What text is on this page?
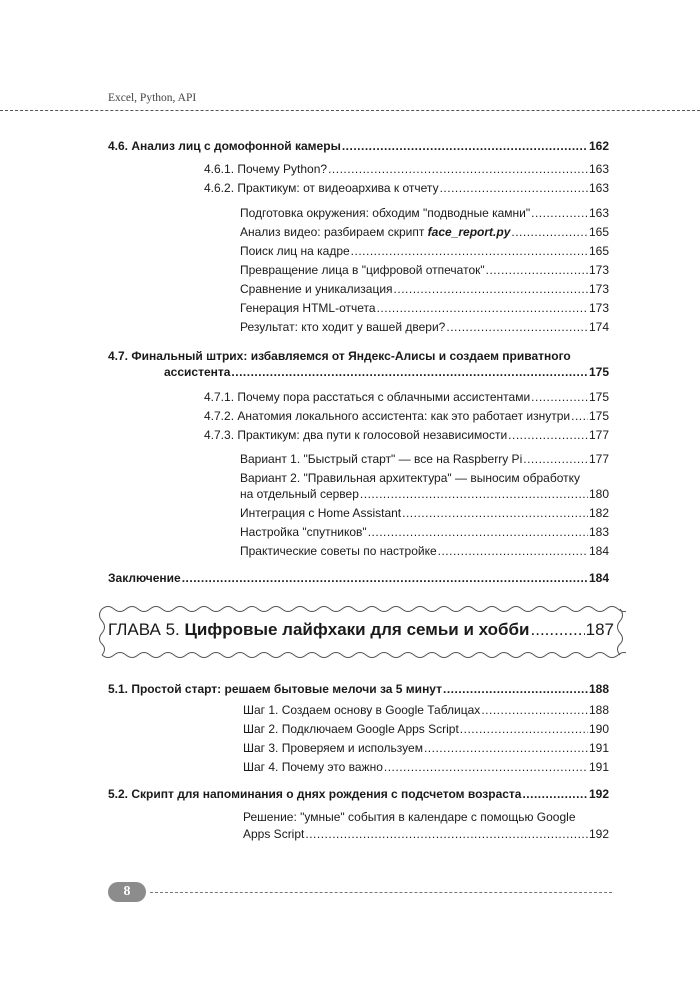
Excel, Python, API
4.6. Анализ лиц с домофонной камеры .....	162
4.6.1. Почему Python? .....	163
4.6.2. Практикум: от видеоархива к отчету .....	163
Подготовка окружения: обходим "подводные камни" .....	163
Анализ видео: разбираем скрипт face_report.py .....	165
Поиск лиц на кадре .....	165
Превращение лица в "цифровой отпечаток" .....	173
Сравнение и уникализация .....	173
Генерация HTML-отчета .....	173
Результат: кто ходит у вашей двери? .....	174
4.7. Финальный штрих: избавляемся от Яндекс-Алисы и создаем приватного
ассистента .....	175
4.7.1. Почему пора расстаться с облачными ассистентами .....	175
4.7.2. Анатомия локального ассистента: как это работает изнутри ..... 175
4.7.3. Практикум: два пути к голосовой независимости .....	177
Вариант 1. "Быстрый старт" — все на Raspberry Pi .....	177
Вариант 2. "Правильная архитектура" — выносим обработку
на отдельный сервер .....	180
Интеграция с Home Assistant .....	182
Настройка "спутников" .....	183
Практические советы по настройке .....	184
Заключение .....	184
ГЛАВА 5.
Цифровые лайфхаки для семьи и хобби .....	187
5.1. Простой старт: решаем бытовые мелочи за 5 минут .....	188
Шаг 1. Создаем основу в Google Таблицах .....	188
Шаг 2. Подключаем Google Apps Script .....	190
Шаг 3. Проверяем и используем .....	191
Шаг 4. Почему это важно .....	191
5.2. Скрипт для напоминания о днях рождения с подсчетом возраста .....	192
Решение: "умные" события в календаре с помощью Google
Apps Script .....	192
8
